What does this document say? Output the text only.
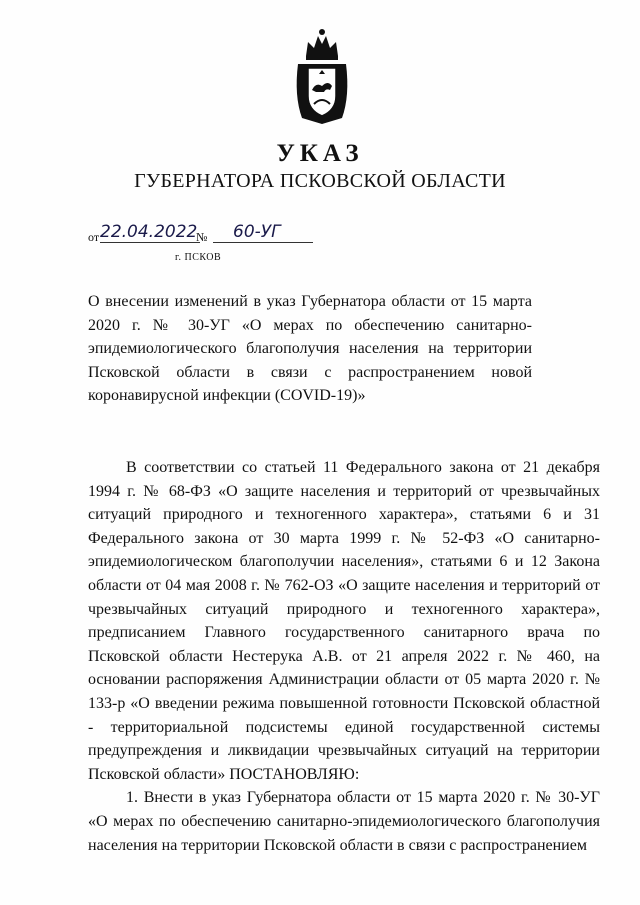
УКАЗ
ГУБЕРНАТОРА ПСКОВСКОЙ ОБЛАСТИ
от 22.04.2022
№	60-УГ
г. ПСКОВ
О внесении изменений в указ Губернатора области от 15 марта 2020 г. № 30-УГ «О мерах по обеспечению санитарно-эпидемиологического благополучия населения на территории Псковской области в связи с распространением новой коронавирусной инфекции (COVID-19)»

В соответствии со статьей 11 Федерального закона от 21 декабря 1994 г. № 68-ФЗ «О защите населения и территорий от чрезвычайных ситуаций природного и техногенного характера», статьями 6 и 31 Федерального закона от 30 марта 1999 г. № 52-ФЗ «О санитарно-эпидемиологическом благополучии населения», статьями 6 и 12 Закона области от 04 мая 2008 г. № 762-ОЗ «О защите населения и территорий от чрезвычайных ситуаций природного и техногенного характера», предписанием Главного государственного санитарного врача по Псковской области Нестерука А.В. от 21 апреля 2022 г. № 460, на основании распоряжения Администрации области от 05 марта 2020 г. № 133-р «О введении режима повышенной готовности Псковской областной - территориальной подсистемы единой государственной системы предупреждения и ликвидации чрезвычайных ситуаций на территории Псковской области» ПОСТАНОВЛЯЮ:

1. Внести в указ Губернатора области от 15 марта 2020 г. № 30-УГ «О мерах по обеспечению санитарно-эпидемиологического благополучия населения на территории Псковской области в связи с распространением
